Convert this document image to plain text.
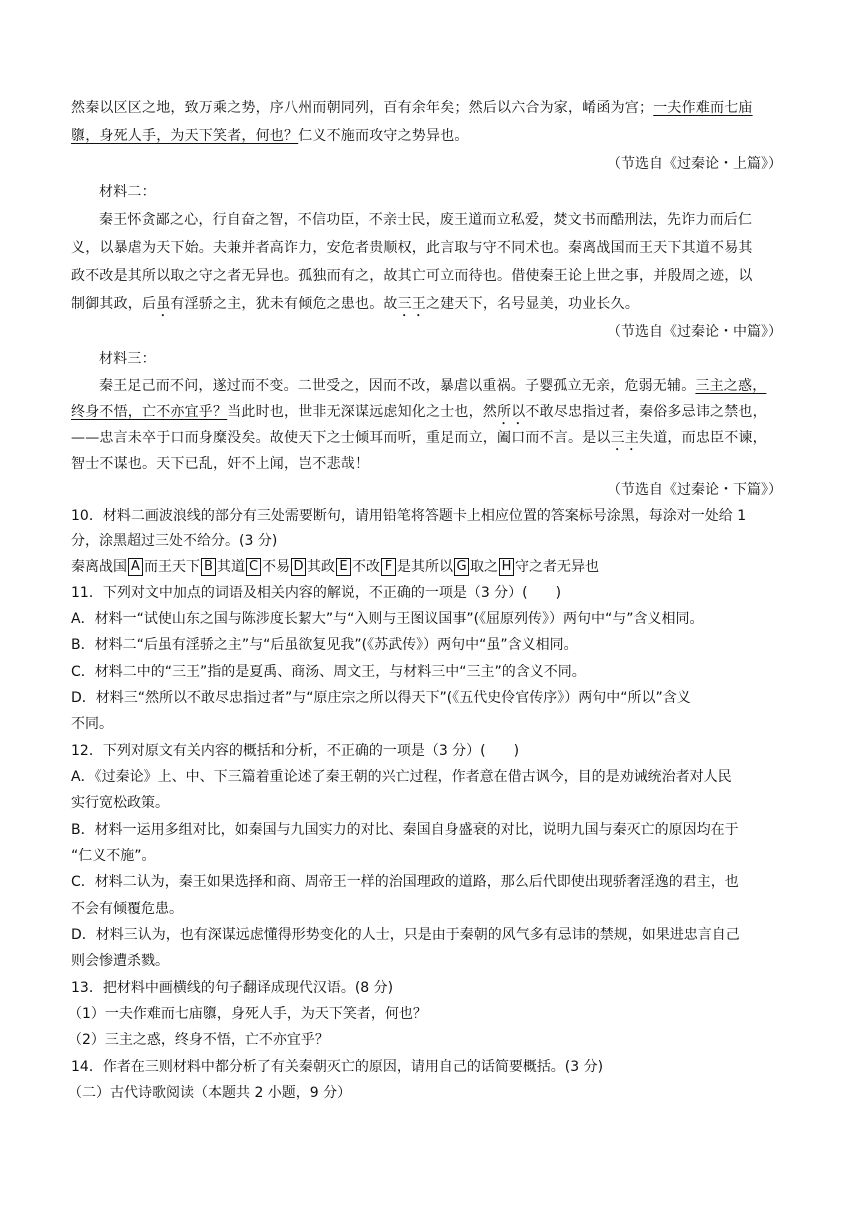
然秦以区区之地，致万乘之势，序八州而朝同列，百有余年矣；然后以六合为家，崤函为宫；一夫作难而七庙
隳，身死人手，为天下笑者，何也？仁义不施而攻守之势异也。
（节选自《过秦论・上篇》）
材料二：
秦王怀贪鄙之心，行自奋之智，不信功臣，不亲士民，废王道而立私爱，焚文书而酷刑法，先诈力而后仁
义，以暴虐为天下始。夫兼并者高诈力，安危者贵顺权，此言取与守不同术也。秦离战国而王天下其道不易其
政不改是其所以取之守之者无异也。孤独而有之，故其亡可立而待也。借使秦王论上世之事，并殷周之迹，以
制御其政，后虽有淫骄之主，犹未有倾危之患也。故三王之建天下，名号显美，功业长久。
（节选自《过秦论・中篇》）
材料三：
秦王足己而不问，遂过而不变。二世受之，因而不改，暴虐以重祸。子婴孤立无亲，危弱无辅。三主之惑，
终身不悟，亡不亦宜乎？当此时也，世非无深谋远虑知化之士也，然所以不敢尽忠指过者，秦俗多忌讳之禁也，
——忠言未卒于口而身糜没矣。故使天下之士倾耳而听，重足而立，阖口而不言。是以三主失道，而忠臣不谏，
智士不谋也。天下已乱，奸不上闻，岂不悲哉！
（节选自《过秦论・下篇》）
10．材料二画波浪线的部分有三处需要断句，请用铅笔将答题卡上相应位置的答案标号涂黑，每涂对一处给 1
分，涂黑超过三处不给分。(3 分)
秦离战国 A 而王天下 B 其道 C 不易 D 其政 E 不改 F 是其所以 G 取之 H 守之者无异也
11．下列对文中加点的词语及相关内容的解说，不正确的一项是（3 分）(　　)
A．材料一“试使山东之国与陈涉度长絜大”与“入则与王图议国事”(《屈原列传》）两句中“与”含义相同。
B．材料二“后虽有淫骄之主”与“后虽欲复见我”(《苏武传》）两句中“虽”含义相同。
C．材料二中的“三王”指的是夏禹、商汤、周文王，与材料三中“三主”的含义不同。
D．材料三“然所以不敢尽忠指过者”与“原庄宗之所以得天下”(《五代史伶官传序》）两句中“所以”含义
不同。
12．下列对原文有关内容的概括和分析，不正确的一项是（3 分）(　　)
A．《过秦论》上、中、下三篇着重论述了秦王朝的兴亡过程，作者意在借古讽今，目的是劝诫统治者对人民
实行宽松政策。
B．材料一运用多组对比，如秦国与九国实力的对比、秦国自身盛衰的对比，说明九国与秦灭亡的原因均在于
“仁义不施”。
C．材料二认为，秦王如果选择和商、周帝王一样的治国理政的道路，那么后代即使出现骄奢淫逸的君主，也
不会有倾覆危患。
D．材料三认为，也有深谋远虑懂得形势变化的人士，只是由于秦朝的风气多有忌讳的禁规，如果进忠言自己
则会惨遭杀戮。
13．把材料中画横线的句子翻译成现代汉语。(8 分)
（1）一夫作难而七庙隳，身死人手，为天下笑者，何也？
（2）三主之惑，终身不悟，亡不亦宜乎？
14．作者在三则材料中都分析了有关秦朝灭亡的原因，请用自己的话简要概括。(3 分)
（二）古代诗歌阅读（本题共 2 小题，9 分）
